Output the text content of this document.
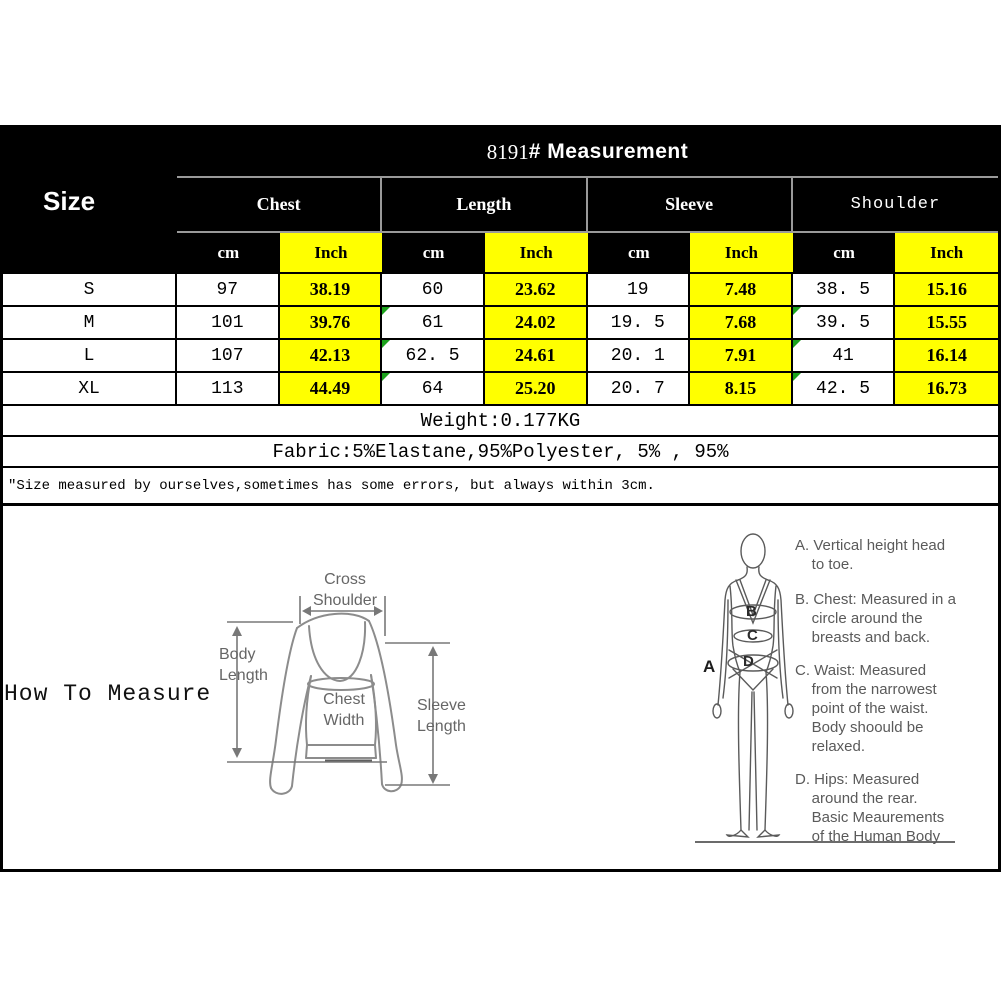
Size
8191 # Measurement
Chest	Length	Sleeve	Shoulder
cm	Inch	cm	Inch	cm	Inch	cm	Inch
S	97	38.19	60	23.62	19	7.48	38. 5	15.16
M	101	39.76	61	24.02	19. 5	7.68	39. 5	15.55
L	107	42.13	62. 5	24.61	20. 1	7.91	41	16.14
XL	113	44.49	64	25.20	20. 7	8.15	42. 5	16.73
Weight:0.177KG
Fabric:5%Elastane,95%Polyester, 5% , 95%
″Size measured by ourselves,sometimes has some errors, but always within 3cm.
How To Measure
Cross
Shoulder
Body
Length
Chest
Width
Sleeve
Length
A
B
C
D
A. Vertical height head
to toe.
B. Chest: Measured in a
circle around the
breasts and back.
C. Waist: Measured
from the narrowest
point of the waist.
Body shoould be
relaxed.
D. Hips: Measured
around the rear.
Basic Meaurements
of the Human Body
